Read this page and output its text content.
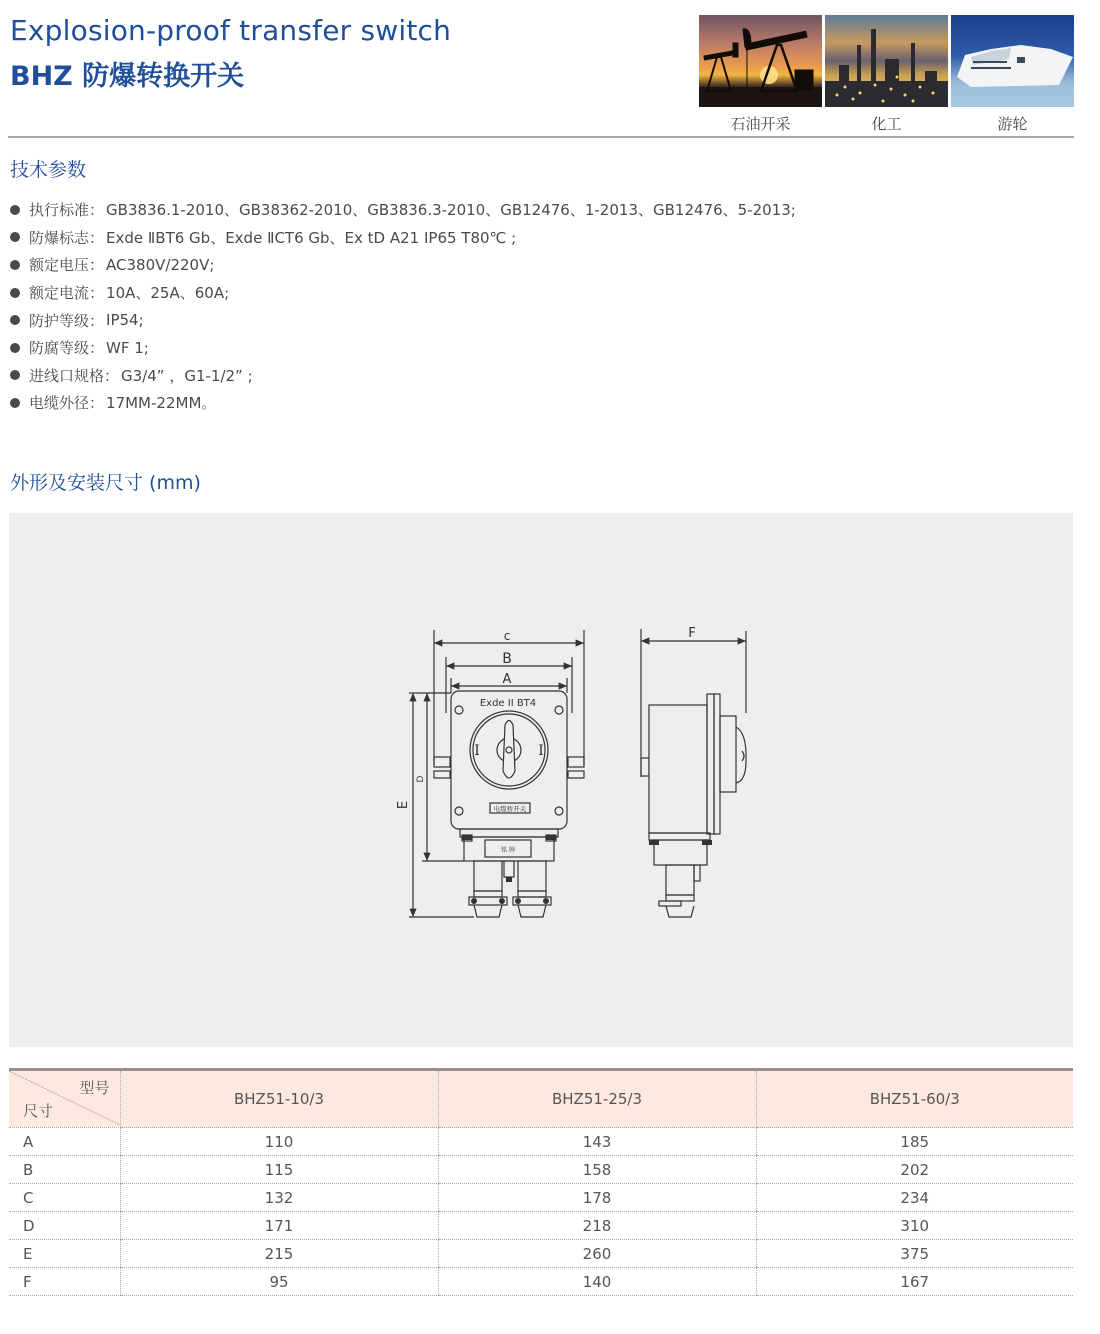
Explosion-proof transfer switch
BHZ 防爆转换开关
石油开采	化工	游轮
技术参数
执行标准 ： GB3836.1-2010、GB38362-2010、GB3836.3-2010、GB12476、1-2013、GB12476、5-2013;
防爆标志 ： Exde ⅡBT6 Gb、Exde ⅡCT6 Gb、Ex tD A21 IP65 T80℃ ;
额定电压 ： AC380V/220V;
额定电流 ： 10A、25A、60A;
防护等级 ： IP54;
防腐等级 ： WF 1;
进线口规格 ： G3/4” ，G1-1/2” ;
电缆外径 ： 17MM-22MM。
外形及安装尺寸 (mm)
c
B
A
Exde II BT4
I	I
电缆桥开关
铭 牌
F
D
E
型号
尺寸	BHZ51-10/3	BHZ51-25/3	BHZ51-60/3
A	110	143	185
B	115	158	202
C	132	178	234
D	171	218	310
E	215	260	375
F	95	140	167
